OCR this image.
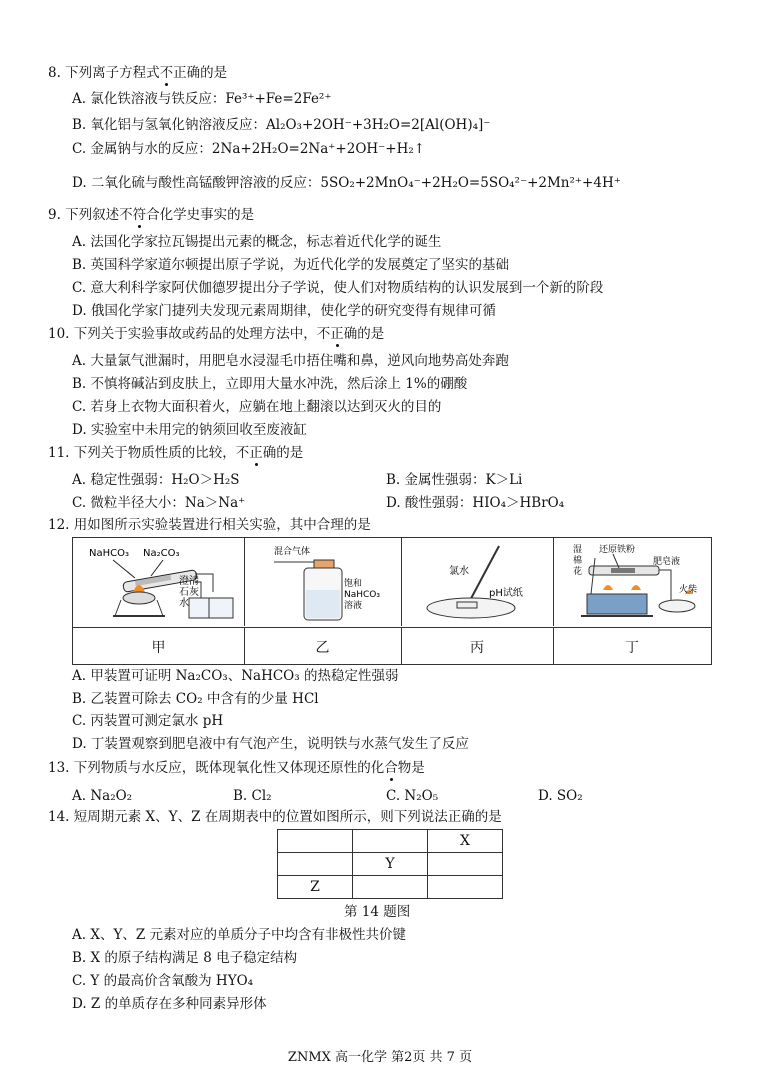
8. 下列离子方程式不正确的是
A. 氯化铁溶液与铁反应：Fe³⁺+Fe=2Fe²⁺
B. 氧化铝与氢氧化钠溶液反应：Al₂O₃+2OH⁻+3H₂O=2[Al(OH)₄]⁻
C. 金属钠与水的反应：2Na+2H₂O=2Na⁺+2OH⁻+H₂↑
D. 二氧化硫与酸性高锰酸钾溶液的反应：5SO₂+2MnO₄⁻+2H₂O=5SO₄²⁻+2Mn²⁺+4H⁺
9. 下列叙述不符合化学史事实的是
A. 法国化学家拉瓦锡提出元素的概念，标志着近代化学的诞生
B. 英国科学家道尔顿提出原子学说，为近代化学的发展奠定了坚实的基础
C. 意大利科学家阿伏伽德罗提出分子学说，使人们对物质结构的认识发展到一个新的阶段
D. 俄国化学家门捷列夫发现元素周期律，使化学的研究变得有规律可循
10. 下列关于实验事故或药品的处理方法中，不正确的是
A. 大量氯气泄漏时，用肥皂水浸湿毛巾捂住嘴和鼻，逆风向地势高处奔跑
B. 不慎将碱沾到皮肤上，立即用大量水冲洗，然后涂上 1%的硼酸
C. 若身上衣物大面积着火，应躺在地上翻滚以达到灭火的目的
D. 实验室中未用完的钠须回收至废液缸
11. 下列关于物质性质的比较，不正确的是
A. 稳定性强弱：H₂O＞H₂S	B. 金属性强弱：K＞Li
C. 微粒半径大小：Na＞Na⁺	D. 酸性强弱：HIO₄＞HBrO₄
12. 用如图所示实验装置进行相关实验，其中合理的是
NaHCO₃ Na₂CO₃
澄清
石灰
水
混合气体
饱和
NaHCO₃
溶液
氯水
pH试纸
湿
棉
花
还原铁粉
肥皂液
火柴
甲	乙	丙	丁
A. 甲装置可证明 Na₂CO₃、NaHCO₃ 的热稳定性强弱
B. 乙装置可除去 CO₂ 中含有的少量 HCl
C. 丙装置可测定氯水 pH
D. 丁装置观察到肥皂液中有气泡产生，说明铁与水蒸气发生了反应
13. 下列物质与水反应，既体现氧化性又体现还原性的化合物是
A. Na₂O₂	B. Cl₂	C. N₂O₅	D. SO₂
14. 短周期元素 X、Y、Z 在周期表中的位置如图所示，则下列说法正确的是
		X
	Y	
Z		
第 14 题图
A. X、Y、Z 元素对应的单质分子中均含有非极性共价键
B. X 的原子结构满足 8 电子稳定结构
C. Y 的最高价含氧酸为 HYO₄
D. Z 的单质存在多种同素异形体
ZNMX 高一化学 第2页 共 7 页
